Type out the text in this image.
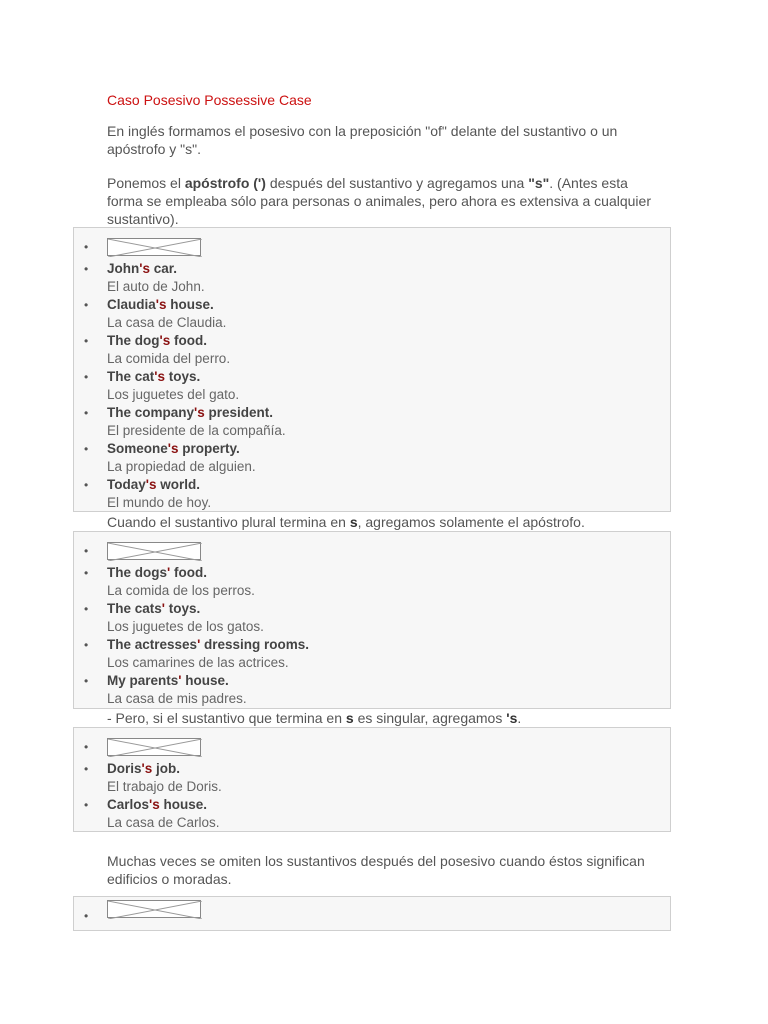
Caso Posesivo Possessive Case
En inglés formamos el posesivo con la preposición "of" delante del sustantivo o un apóstrofo y "s".
Ponemos el apóstrofo (') después del sustantivo y agregamos una "s". (Antes esta forma se empleaba sólo para personas o animales, pero ahora es extensiva a cualquier sustantivo).
•
• John's car.
El auto de John.
• Claudia's house.
La casa de Claudia.
• The dog's food.
La comida del perro.
• The cat's toys.
Los juguetes del gato.
• The company's president.
El presidente de la compañía.
• Someone's property.
La propiedad de alguien.
• Today's world.
El mundo de hoy.
Cuando el sustantivo plural termina en s, agregamos solamente el apóstrofo.
•
• The dogs' food.
La comida de los perros.
• The cats' toys.
Los juguetes de los gatos.
• The actresses' dressing rooms.
Los camarines de las actrices.
• My parents' house.
La casa de mis padres.
- Pero, si el sustantivo que termina en s es singular, agregamos 's.
•
• Doris's job.
El trabajo de Doris.
• Carlos's house.
La casa de Carlos.
Muchas veces se omiten los sustantivos después del posesivo cuando éstos significan edificios o moradas.
•
